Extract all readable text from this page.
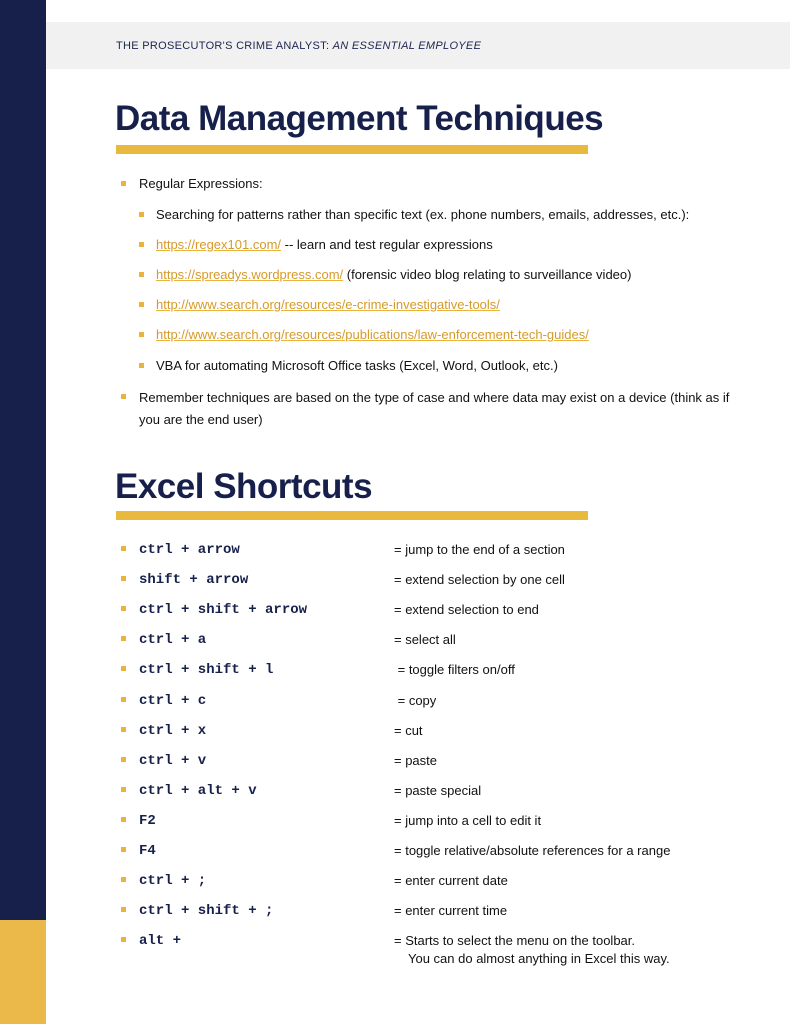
THE PROSECUTOR'S CRIME ANALYST: AN ESSENTIAL EMPLOYEE
Data Management Techniques
Regular Expressions:
Searching for patterns rather than specific text (ex. phone numbers, emails, addresses, etc.):
https://regex101.com/ -- learn and test regular expressions
https://spreadys.wordpress.com/ (forensic video blog relating to surveillance video)
http://www.search.org/resources/e-crime-investigative-tools/
http://www.search.org/resources/publications/law-enforcement-tech-guides/
VBA for automating Microsoft Office tasks (Excel, Word, Outlook, etc.)
Remember techniques are based on the type of case and where data may exist on a device (think as if you are the end user)
Excel Shortcuts
ctrl + arrow	= jump to the end of a section
shift + arrow	= extend selection by one cell
ctrl + shift + arrow	= extend selection to end
ctrl + a	= select all
ctrl + shift + l	= toggle filters on/off
ctrl + c	= copy
ctrl + x	= cut
ctrl + v	= paste
ctrl + alt + v	= paste special
F2	= jump into a cell to edit it
F4	= toggle relative/absolute references for a range
ctrl + ;	= enter current date
ctrl + shift + ;	= enter current time
alt +	= Starts to select the menu on the toolbar.
You can do almost anything in Excel this way.
